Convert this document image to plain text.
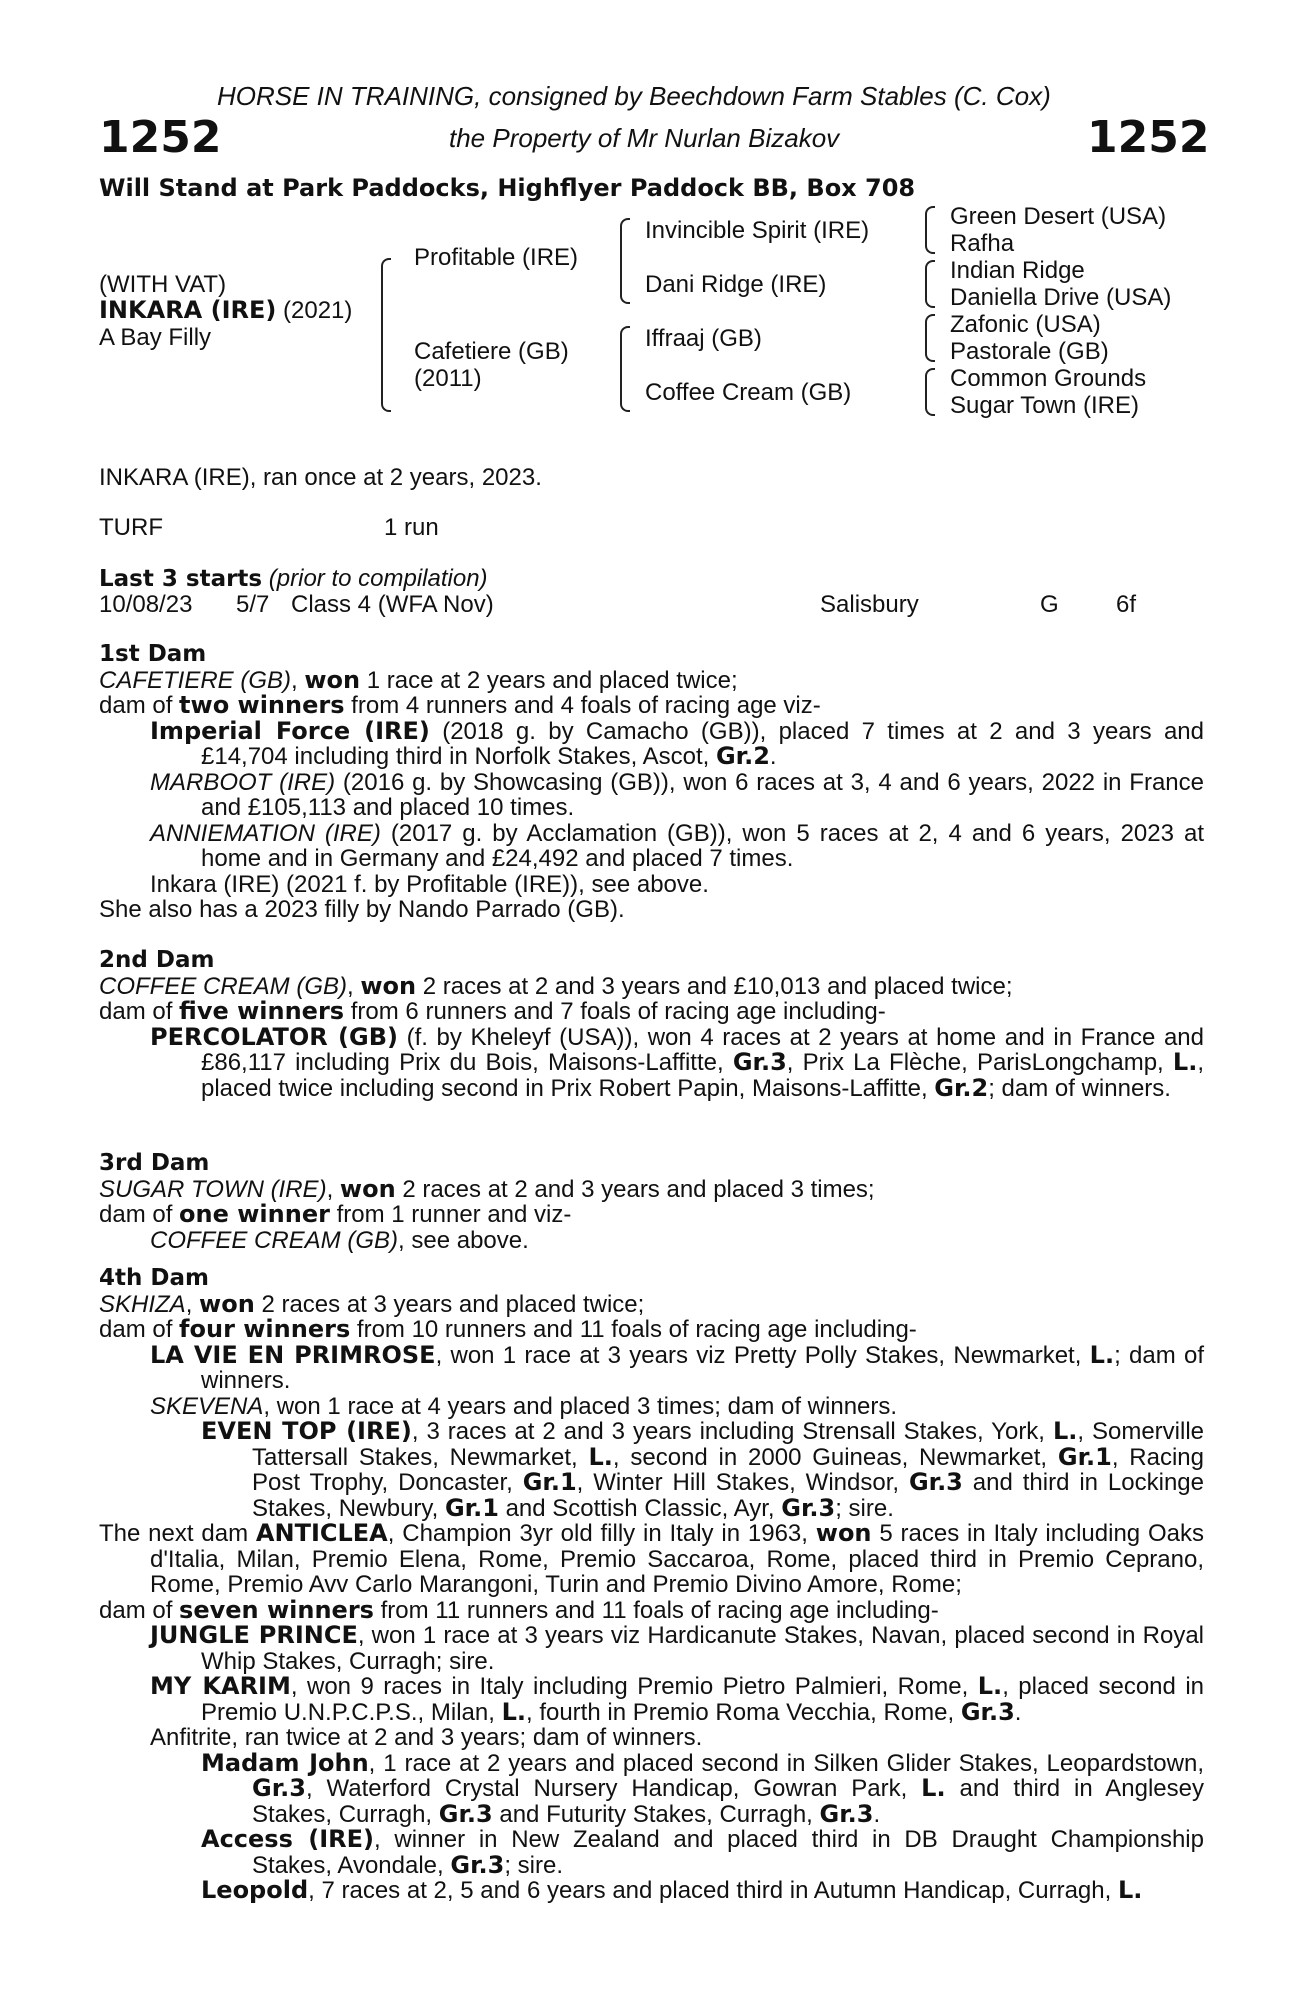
HORSE IN TRAINING, consigned by Beechdown Farm Stables (C. Cox)
1252	the Property of Mr Nurlan Bizakov	1252
Will Stand at Park Paddocks, Highflyer Paddock BB, Box 708
(WITH VAT)
INKARA (IRE) (2021)
A Bay Filly
Profitable (IRE)
Cafetiere (GB)
(2011)
Invincible Spirit (IRE)
Dani Ridge (IRE)
Iffraaj (GB)
Coffee Cream (GB)
Green Desert (USA)
Rafha
Indian Ridge
Daniella Drive (USA)
Zafonic (USA)
Pastorale (GB)
Common Grounds
Sugar Town (IRE)
INKARA (IRE), ran once at 2 years, 2023.
TURF	1 run
Last 3 starts (prior to compilation)
10/08/23 5/7 Class 4 (WFA Nov)	Salisbury	G 6f
1st Dam

CAFETIERE (GB), won 1 race at 2 years and placed twice;

dam of two winners from 4 runners and 4 foals of racing age viz-

Imperial Force (IRE) (2018 g. by Camacho (GB)), placed 7 times at 2 and 3 years and £14,704 including third in Norfolk Stakes, Ascot, Gr.2.

MARBOOT (IRE) (2016 g. by Showcasing (GB)), won 6 races at 3, 4 and 6 years, 2022 in France and £105,113 and placed 10 times.

ANNIEMATION (IRE) (2017 g. by Acclamation (GB)), won 5 races at 2, 4 and 6 years, 2023 at home and in Germany and £24,492 and placed 7 times.

Inkara (IRE) (2021 f. by Profitable (IRE)), see above.

She also has a 2023 filly by Nando Parrado (GB).

2nd Dam

COFFEE CREAM (GB), won 2 races at 2 and 3 years and £10,013 and placed twice;

dam of five winners from 6 runners and 7 foals of racing age including-

PERCOLATOR (GB) (f. by Kheleyf (USA)), won 4 races at 2 years at home and in France and £86,117 including Prix du Bois, Maisons-Laffitte, Gr.3, Prix La Flèche, ParisLongchamp, L., placed twice including second in Prix Robert Papin, Maisons-Laffitte, Gr.2; dam of winners.

3rd Dam

SUGAR TOWN (IRE), won 2 races at 2 and 3 years and placed 3 times;

dam of one winner from 1 runner and viz-

COFFEE CREAM (GB), see above.

4th Dam

SKHIZA, won 2 races at 3 years and placed twice;

dam of four winners from 10 runners and 11 foals of racing age including-

LA VIE EN PRIMROSE, won 1 race at 3 years viz Pretty Polly Stakes, Newmarket, L.; dam of winners.

SKEVENA, won 1 race at 4 years and placed 3 times; dam of winners.

EVEN TOP (IRE), 3 races at 2 and 3 years including Strensall Stakes, York, L., Somerville Tattersall Stakes, Newmarket, L., second in 2000 Guineas, Newmarket, Gr.1, Racing Post Trophy, Doncaster, Gr.1, Winter Hill Stakes, Windsor, Gr.3 and third in Lockinge Stakes, Newbury, Gr.1 and Scottish Classic, Ayr, Gr.3; sire.

The next dam ANTICLEA, Champion 3yr old filly in Italy in 1963, won 5 races in Italy including Oaks d'Italia, Milan, Premio Elena, Rome, Premio Saccaroa, Rome, placed third in Premio Ceprano, Rome, Premio Avv Carlo Marangoni, Turin and Premio Divino Amore, Rome;

dam of seven winners from 11 runners and 11 foals of racing age including-

JUNGLE PRINCE, won 1 race at 3 years viz Hardicanute Stakes, Navan, placed second in Royal Whip Stakes, Curragh; sire.

MY KARIM, won 9 races in Italy including Premio Pietro Palmieri, Rome, L., placed second in Premio U.N.P.C.P.S., Milan, L., fourth in Premio Roma Vecchia, Rome, Gr.3.

Anfitrite, ran twice at 2 and 3 years; dam of winners.

Madam John, 1 race at 2 years and placed second in Silken Glider Stakes, Leopardstown, Gr.3, Waterford Crystal Nursery Handicap, Gowran Park, L. and third in Anglesey Stakes, Curragh, Gr.3 and Futurity Stakes, Curragh, Gr.3.

Access (IRE), winner in New Zealand and placed third in DB Draught Championship Stakes, Avondale, Gr.3; sire.

Leopold, 7 races at 2, 5 and 6 years and placed third in Autumn Handicap, Curragh, L.
